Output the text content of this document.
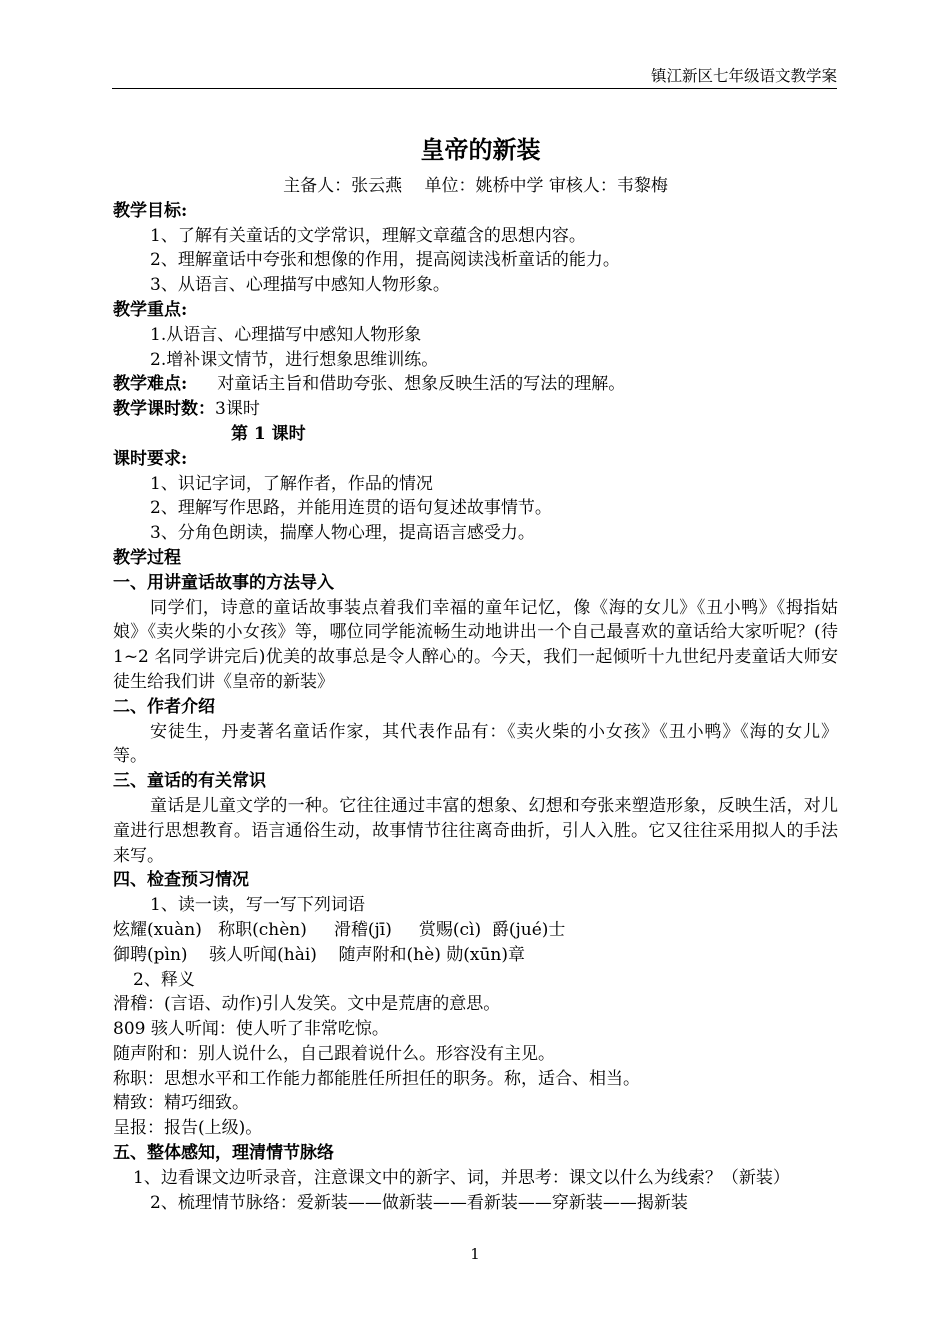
镇江新区七年级语文教学案
皇帝的新装
主备人：张云燕　 单位：姚桥中学 审核人：韦黎梅
教学目标:
1、了解有关童话的文学常识，理解文章蕴含的思想内容。
2、理解童话中夸张和想像的作用，提高阅读浅析童话的能力。
3、从语言、心理描写中感知人物形象。
教学重点:
1.从语言、心理描写中感知人物形象
2.增补课文情节，进行想象思维训练。
教学难点: 对童话主旨和借助夸张、想象反映生活的写法的理解。
教学课时数：3课时
第 1 课时
课时要求:
1、识记字词，了解作者，作品的情况
2、理解写作思路，并能用连贯的语句复述故事情节。
3、分角色朗读，揣摩人物心理，提高语言感受力。
教学过程
一、用讲童话故事的方法导入
同学们，诗意的童话故事装点着我们幸福的童年记忆，像《海的女儿》《丑小鸭》《拇指姑娘》《卖火柴的小女孩》等，哪位同学能流畅生动地讲出一个自己最喜欢的童话给大家听呢？(待 1~2 名同学讲完后)优美的故事总是令人醉心的。今天，我们一起倾听十九世纪丹麦童话大师安徒生给我们讲《皇帝的新装》
二、作者介绍
安徒生，丹麦著名童话作家，其代表作品有：《卖火柴的小女孩》《丑小鸭》《海的女儿》等。
三、童话的有关常识
童话是儿童文学的一种。它往往通过丰富的想象、幻想和夸张来塑造形象，反映生活，对儿童进行思想教育。语言通俗生动，故事情节往往离奇曲折，引人入胜。它又往往采用拟人的手法来写。
四、检查预习情况
1、读一读，写一写下列词语
炫耀(xuàn)   称职(chèn)     滑稽(jī)     赏赐(cì)  爵(jué)士
御聘(pìn)    骇人听闻(hài)    随声附和(hè) 勋(xūn)章
2、释义
滑稽：(言语、动作)引人发笑。文中是荒唐的意思。
809 骇人听闻：使人听了非常吃惊。
随声附和：别人说什么，自己跟着说什么。形容没有主见。
称职：思想水平和工作能力都能胜任所担任的职务。称，适合、相当。
精致：精巧细致。
呈报：报告(上级)。
五、整体感知，理清情节脉络
1、边看课文边听录音，注意课文中的新字、词，并思考：课文以什么为线索？（新装）
2、梳理情节脉络：爱新装——做新装——看新装——穿新装——揭新装
1
